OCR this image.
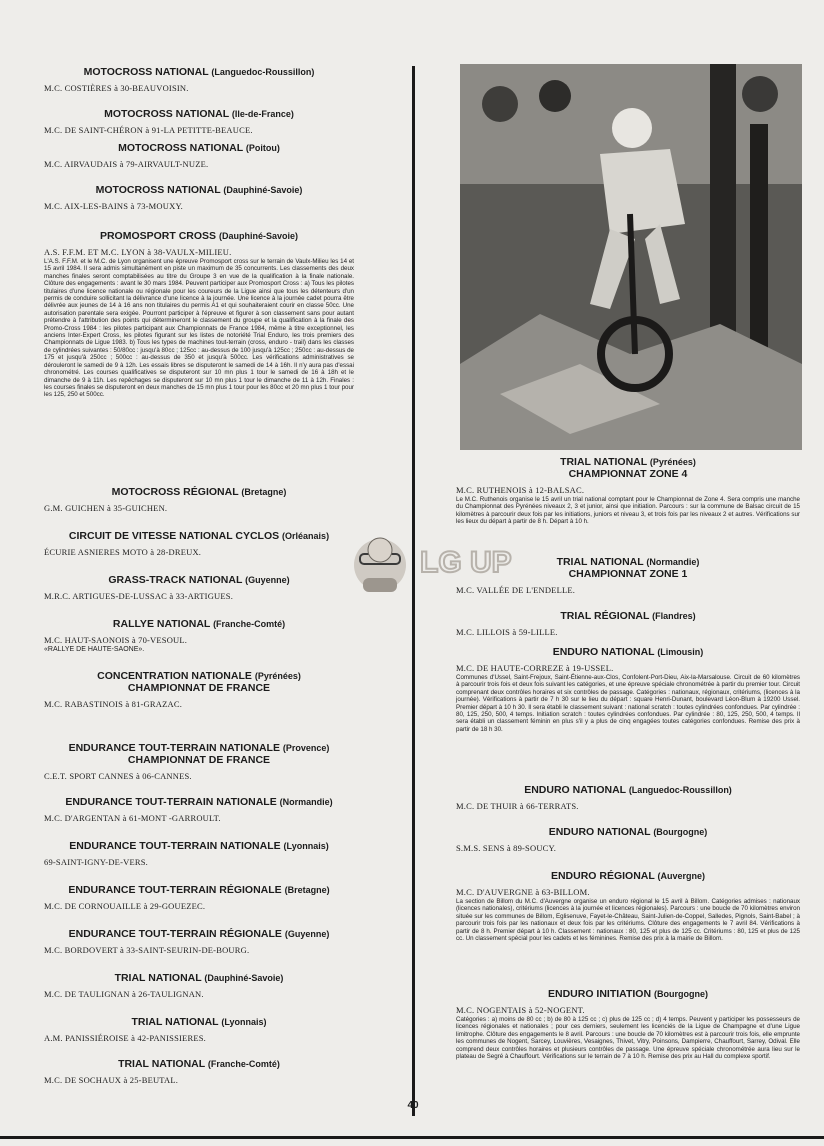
MOTOCROSS NATIONAL (Languedoc-Roussillon)

M.C. COSTIÈRES à 30-BEAUVOISIN.

MOTOCROSS NATIONAL (Ile-de-France)

M.C. DE SAINT-CHÉRON à 91-LA PETITTE-BEAUCE.

MOTOCROSS NATIONAL (Poitou)

M.C. AIRVAUDAIS à 79-AIRVAULT-NUZE.

MOTOCROSS NATIONAL (Dauphiné-Savoie)

M.C. AIX-LES-BAINS à 73-MOUXY.

PROMOSPORT CROSS (Dauphiné-Savoie)

A.S. F.F.M. ET M.C. LYON à 38-VAULX-MILIEU.
L'A.S. F.F.M. et le M.C. de Lyon organisent une épreuve Promosport cross sur le terrain de Vaulx-Milieu les 14 et 15 avril 1984. Il sera admis simultanément en piste un maximum de 35 concurrents. Les classements des deux manches finales seront comptabilisées au titre du Groupe 3 en vue de la qualification à la finale nationale. Clôture des engagements : avant le 30 mars 1984. Peuvent participer aux Promosport Cross : a) Tous les pilotes titulaires d'une licence nationale ou régionale pour les coureurs de la Ligue ainsi que tous les détenteurs d'un permis de conduire sollicitant la délivrance d'une licence à la journée. Une licence à la journée cadet pourra être délivrée aux jeunes de 14 à 16 ans non titulaires du permis A1 et qui souhaiteraient courir en classe 50cc. Une autorisation parentale sera exigée. Pourront participer à l'épreuve et figurer à son classement sans pour autant prétendre à l'attribution des points qui détermineront le classement du groupe et la qualification à la finale des Promo-Cross 1984 : les pilotes participant aux Championnats de France 1984, même à titre exceptionnel, les anciens Inter-Expert Cross, les pilotes figurant sur les listes de notoriété Trial Enduro, les trois premiers des Championnats de Ligue 1983. b) Tous les types de machines tout-terrain (cross, enduro - trail) dans les classes de cylindrées suivantes : 50/80cc : jusqu'à 80cc ; 125cc : au-dessus de 100 jusqu'à 125cc ; 250cc : au-dessus de 175 et jusqu'à 250cc ; 500cc : au-dessus de 350 et jusqu'à 500cc. Les vérifications administratives se dérouleront le samedi de 9 à 12h. Les essais libres se disputeront le samedi de 14 à 16h. Il n'y aura pas d'essai chronométré. Les courses qualificatives se disputeront sur 10 mn plus 1 tour le samedi de 16 à 18h et le dimanche de 9 à 11h. Les repêchages se disputeront sur 10 mn plus 1 tour le dimanche de 11 à 12h. Finales : les courses finales se disputeront en deux manches de 15 mn plus 1 tour pour les 80cc et 20 mn plus 1 tour pour les 125, 250 et 500cc.

MOTOCROSS RÉGIONAL (Bretagne)

G.M. GUICHEN à 35-GUICHEN.

CIRCUIT DE VITESSE NATIONAL CYCLOS (Orléanais)

ÉCURIE ASNIERES MOTO à 28-DREUX.

GRASS-TRACK NATIONAL (Guyenne)

M.R.C. ARTIGUES-DE-LUSSAC à 33-ARTIGUES.

RALLYE NATIONAL (Franche-Comté)

M.C. HAUT-SAONOIS à 70-VESOUL.
«RALLYE DE HAUTE-SAONE».

CONCENTRATION NATIONALE (Pyrénées)

CHAMPIONNAT DE FRANCE

M.C. RABASTINOIS à 81-GRAZAC.

ENDURANCE TOUT-TERRAIN NATIONALE (Provence)

CHAMPIONNAT DE FRANCE

C.E.T. SPORT CANNES à 06-CANNES.

ENDURANCE TOUT-TERRAIN NATIONALE (Normandie)

M.C. D'ARGENTAN à 61-MONT -GARROULT.

ENDURANCE TOUT-TERRAIN NATIONALE (Lyonnais)

69-SAINT-IGNY-DE-VERS.

ENDURANCE TOUT-TERRAIN RÉGIONALE (Bretagne)

M.C. DE CORNOUAILLE à 29-GOUEZEC.

ENDURANCE TOUT-TERRAIN RÉGIONALE (Guyenne)

M.C. BORDOVERT à 33-SAINT-SEURIN-DE-BOURG.

TRIAL NATIONAL (Dauphiné-Savoie)

M.C. DE TAULIGNAN à 26-TAULIGNAN.

TRIAL NATIONAL (Lyonnais)

A.M. PANISSIÉROISE à 42-PANISSIERES.

TRIAL NATIONAL (Franche-Comté)

M.C. DE SOCHAUX à 25-BEUTAL.
LG UP

TRIAL NATIONAL (Pyrénées)

CHAMPIONNAT ZONE 4

M.C. RUTHENOIS à 12-BALSAC.
Le M.C. Ruthenois organise le 15 avril un trial national comptant pour le Championnat de Zone 4. Sera compris une manche du Championnat des Pyrénées niveaux 2, 3 et junior, ainsi que initiation. Parcours : sur la commune de Balsac circuit de 15 kilomètres à parcourir deux fois par les initiations, juniors et niveau 3, et trois fois par les niveaux 2 et autres. Vérifications sur les lieux du départ à partir de 8 h. Départ à 10 h.

TRIAL NATIONAL (Normandie)

CHAMPIONNAT ZONE 1

M.C. VALLÉE DE L'ENDELLE.

TRIAL RÉGIONAL (Flandres)

M.C. LILLOIS à 59-LILLE.

ENDURO NATIONAL (Limousin)

M.C. DE HAUTE-CORREZE à 19-USSEL.
Communes d'Ussel, Saint-Frejoux, Saint-Étienne-aux-Clos, Confolent-Port-Dieu, Aix-la-Marsalouse. Circuit de 60 kilomètres à parcourir trois fois et deux fois suivant les catégories, et une épreuve spéciale chronométrée à partir du premier tour. Circuit comprenant deux contrôles horaires et six contrôles de passage. Catégories : nationaux, régionaux, critériums, (licences à la journée). Vérifications à partir de 7 h 30 sur le lieu du départ : square Henri-Dunant, boulevard Léon-Blum à 19200 Ussel. Premier départ à 10 h 30. Il sera établi le classement suivant : national scratch : toutes cylindrées confondues. Par cylindrée : 80, 125, 250, 500, 4 temps. Initiation scratch : toutes cylindrées confondues. Par cylindrée : 80, 125, 250, 500, 4 temps. Il sera établi un classement féminin en plus s'il y a plus de cinq engagées toutes catégories confondues. Remise des prix à partir de 18 h 30.

ENDURO NATIONAL (Languedoc-Roussillon)

M.C. DE THUIR à 66-TERRATS.

ENDURO NATIONAL (Bourgogne)

S.M.S. SENS à 89-SOUCY.

ENDURO RÉGIONAL (Auvergne)

M.C. D'AUVERGNE à 63-BILLOM.
La section de Billom du M.C. d'Auvergne organise un enduro régional le 15 avril à Billom. Catégories admises : nationaux (licences nationales), critériums (licences à la journée et licences régionales). Parcours : une boucle de 70 kilomètres environ située sur les communes de Billom, Eglisenuve, Fayet-le-Château, Saint-Julien-de-Coppel, Salledes, Pignols, Saint-Babel ; à parcourir trois fois par les nationaux et deux fois par les critériums. Clôture des engagements le 7 avril 84. Vérifications à partir de 8 h. Premier départ à 10 h. Classement : nationaux : 80, 125 et plus de 125 cc. Critériums : 80, 125 et plus de 125 cc. Un classement spécial pour les cadets et les féminines. Remise des prix à la mairie de Billom.

ENDURO INITIATION (Bourgogne)

M.C. NOGENTAIS à 52-NOGENT.
Catégories : a) moins de 80 cc ; b) de 80 à 125 cc ; c) plus de 125 cc ; d) 4 temps. Peuvent y participer les possesseurs de licences régionales et nationales ; pour ces derniers, seulement les licenciés de la Ligue de Champagne et d'une Ligue limitrophe. Clôture des engagements le 8 avril. Parcours : une boucle de 70 kilomètres est à parcourir trois fois, elle emprunte les communes de Nogent, Sarcey, Louvières, Vesaignes, Thivet, Vitry, Poinsons, Dampierre, Chauffourt, Sarrey, Odival. Elle comprend deux contrôles horaires et plusieurs contrôles de passage. Une épreuve spéciale chronométrée aura lieu sur le plateau de Segré à Chauffourt. Vérifications sur le terrain de 7 à 10 h. Remise des prix au Hall du complexe sportif.
40
